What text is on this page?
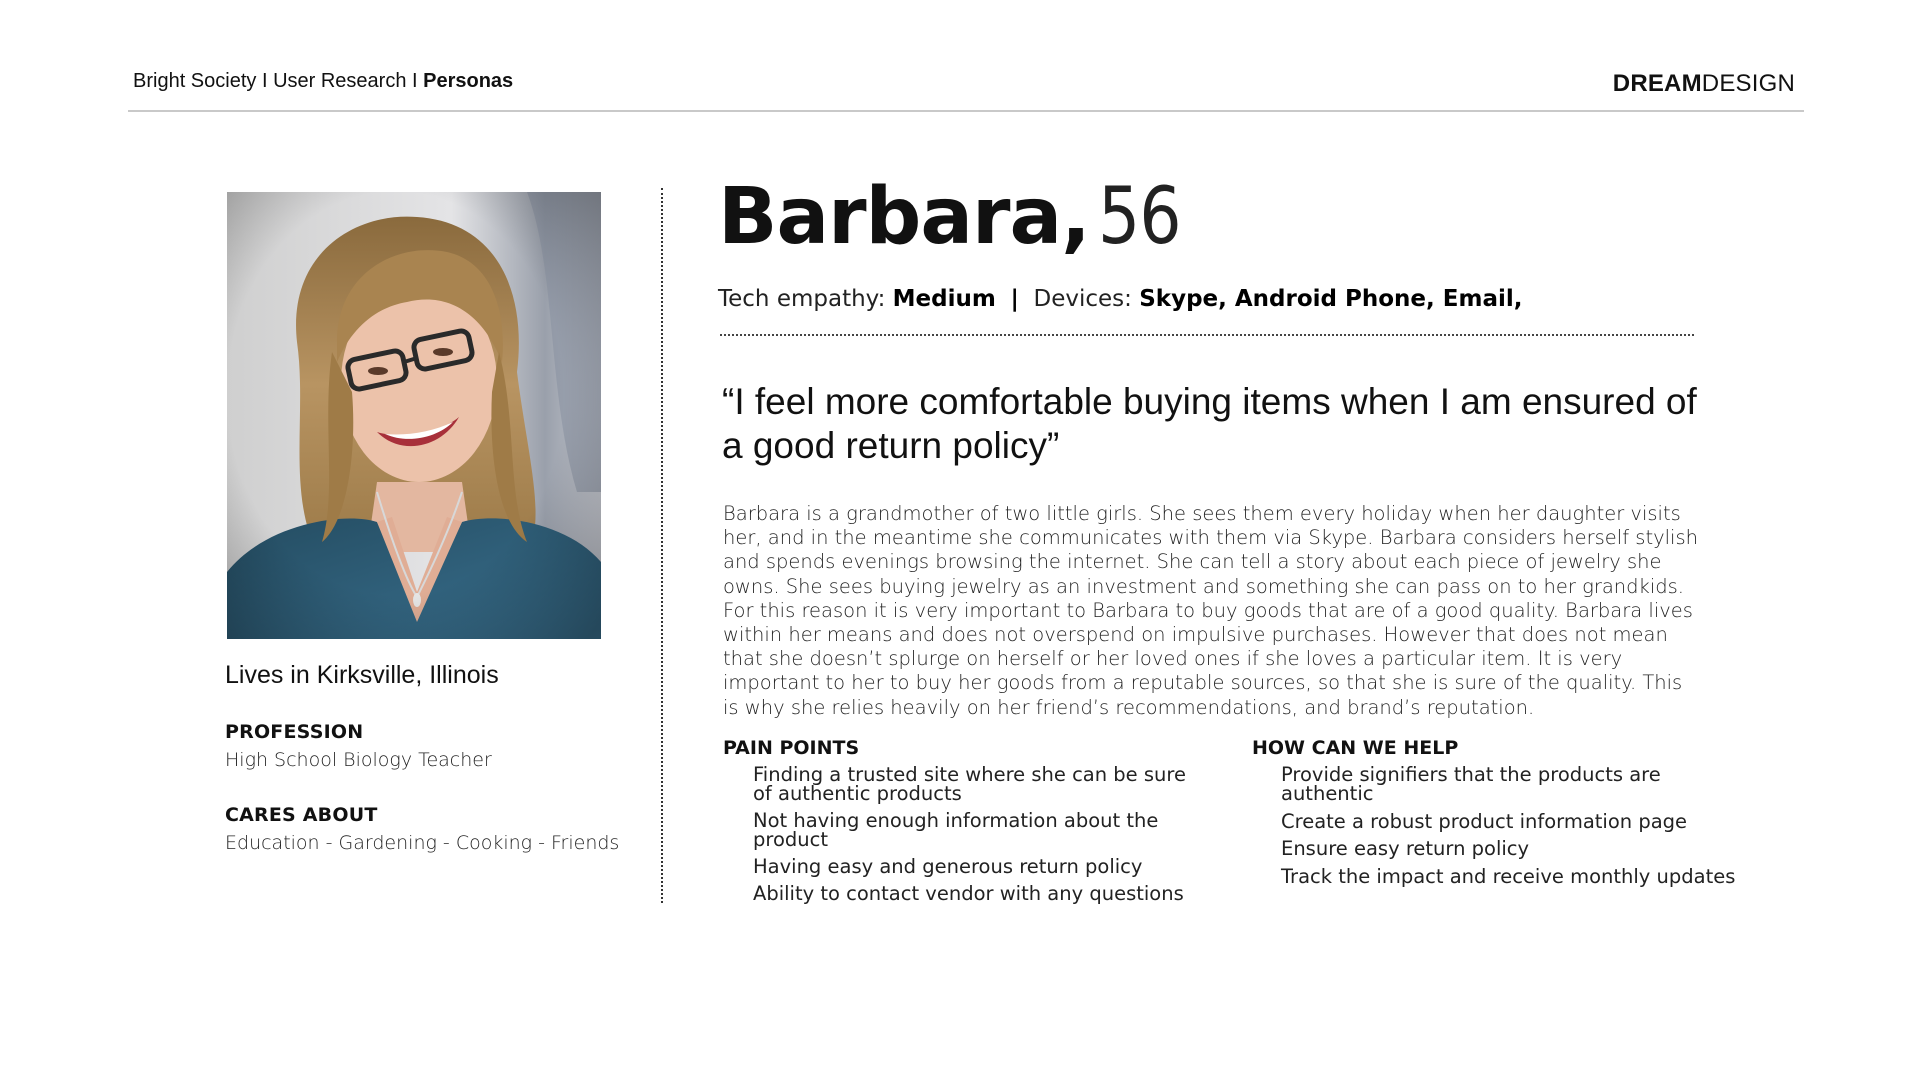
Bright Society I User Research I Personas	DREAMDESIGN
Lives in Kirksville, Illinois
PROFESSION
High School Biology Teacher
CARES ABOUT
Education - Gardening - Cooking - Friends
Barbara, 56
Tech empathy: Medium | Devices: Skype, Android Phone, Email,
“I feel more comfortable buying items when I am ensured of a good return policy”
Barbara is a grandmother of two little girls. She sees them every holiday when her daughter visits her, and in the meantime she communicates with them via Skype. Barbara considers herself stylish and spends evenings browsing the internet. She can tell a story about each piece of jewelry she owns. She sees buying jewelry as an investment and something she can pass on to her grandkids. For this reason it is very important to Barbara to buy goods that are of a good quality. Barbara lives within her means and does not overspend on impulsive purchases. However that does not mean that she doesn’t splurge on herself or her loved ones if she loves a particular item. It is very important to her to buy her goods from a reputable sources, so that she is sure of the quality. This is why she relies heavily on her friend’s recommendations, and brand’s reputation.
PAIN POINTS
Finding a trusted site where she can be sure of authentic products
Not having enough information about the product
Having easy and generous return policy
Ability to contact vendor with any questions
HOW CAN WE HELP
Provide signifiers that the products are authentic
Create a robust product information page
Ensure easy return policy
Track the impact and receive monthly updates
